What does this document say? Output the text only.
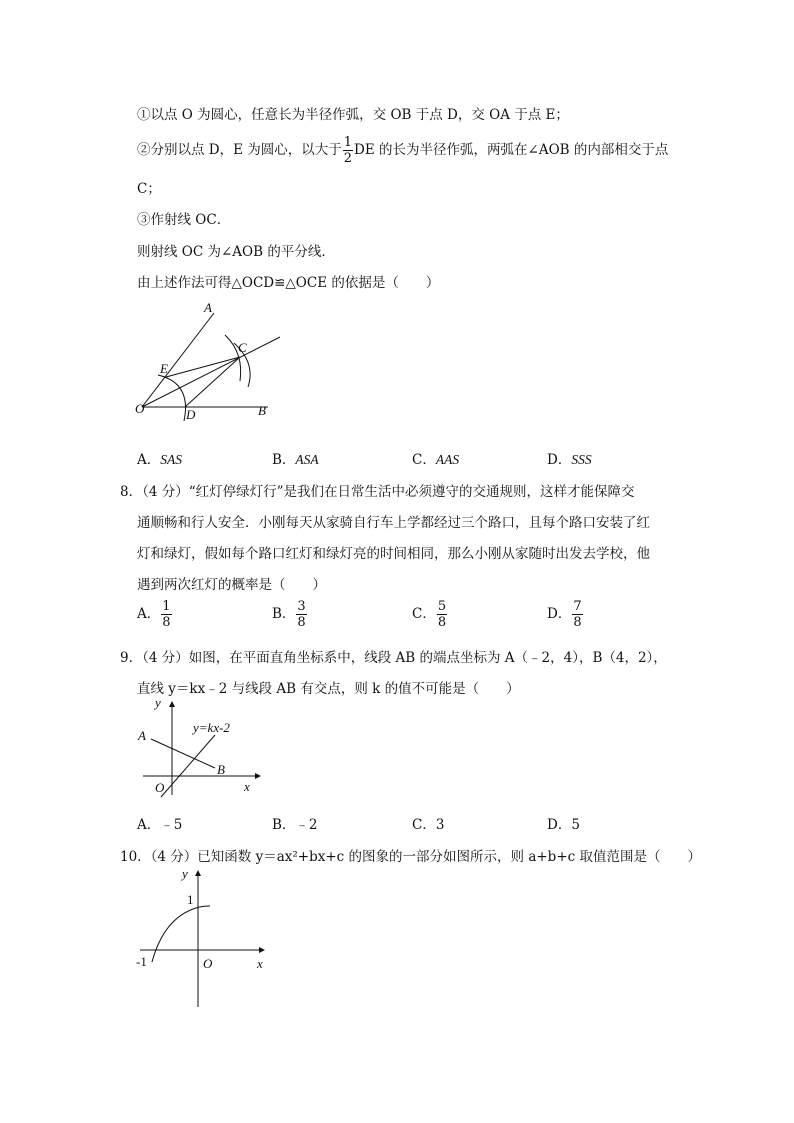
①以点 O 为圆心，任意长为半径作弧，交 OB 于点 D，交 OA 于点 E；
②分别以点 D，E 为圆心，以大于 $\frac{1}{2}$ DE 的长为半径作弧，两弧在∠AOB 的内部相交于点
C；
③作射线 OC．
则射线 OC 为∠AOB 的平分线．
由上述作法可得△OCD≌△OCE 的依据是（　　）
A
C
E
O	D	B
A．SAS	B．ASA	C．AAS	D．SSS
8．（4 分）“红灯停绿灯行”是我们在日常生活中必须遵守的交通规则，这样才能保障交
通顺畅和行人安全．小刚每天从家骑自行车上学都经过三个路口，且每个路口安装了红
灯和绿灯，假如每个路口红灯和绿灯亮的时间相同，那么小刚从家随时出发去学校，他
遇到两次红灯的概率是（　　）
A． $\frac{1}{8}$	B． $\frac{3}{8}$	C． $\frac{5}{8}$	D． $\frac{7}{8}$
9．（4 分）如图，在平面直角坐标系中，线段 AB 的端点坐标为 A（﹣2，4），B（4，2），
直线 y＝kx﹣2 与线段 AB 有交点，则 k 的值不可能是（　　）
y
y=kx-2
A
B
O	x
A．﹣5	B．﹣2	C．3	D．5
10．（4 分）已知函数 y＝ax²+bx+c 的图象的一部分如图所示，则 a+b+c 取值范围是（　　）
y
1
-1	O	x
